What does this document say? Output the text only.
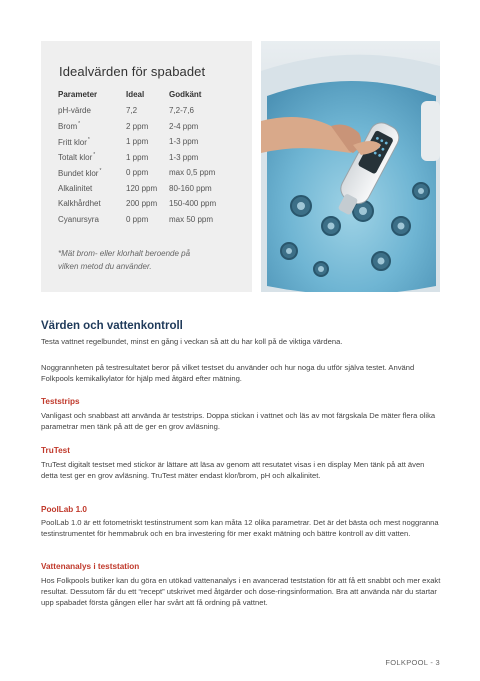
Idealvärden för spabadet
Parameter	Ideal	Godkänt
pH-värde	7,2	7,2-7,6
Brom*	2 ppm	2-4 ppm
Fritt klor*	1 ppm	1-3 ppm
Totalt klor*	1 ppm	1-3 ppm
Bundet klor*	0 ppm	max 0,5 ppm
Alkalinitet	120 ppm	80-160 ppm
Kalkhårdhet	200 ppm	150-400 ppm
Cyanursyra	0 ppm	max 50 ppm
*Mät brom- eller klorhalt beroende på
vilken metod du använder.
Värden och vattenkontroll
Testa vattnet regelbundet, minst en gång i veckan så att du har koll på de viktiga värdena.
Noggrannheten på testresultatet beror på vilket testset du använder och hur noga du utför själva testet. Använd Folkpools kemikalkylator för hjälp med åtgärd efter mätning.
Teststrips
Vanligast och snabbast att använda är teststrips. Doppa stickan i vattnet och läs av mot färgskala De mäter flera olika parametrar men tänk på att de ger en grov avläsning.
TruTest
TruTest digitalt testset med stickor är lättare att läsa av genom att resutatet visas i en display Men tänk på att även detta test ger en grov avläsning. TruTest mäter endast klor/brom, pH och alkalinitet.
PoolLab 1.0
PoolLab 1.0 är ett fotometriskt testinstrument som kan måta 12 olika parametrar. Det är det bästa och mest noggranna testinstrumentet för hemmabruk och en bra investering för mer exakt mätning och bättre kontroll av ditt vatten.
Vattenanalys i teststation
Hos Folkpools butiker kan du göra en utökad vattenanalys i en avancerad teststation för att få ett snabbt och mer exakt resultat. Dessutom får du ett “recept” utskrivet med åtgärder och dose-ringsinformation. Bra att använda när du startar upp spabadet första gången eller har svårt att få ordning på vattnet.
FOLKPOOL - 3
